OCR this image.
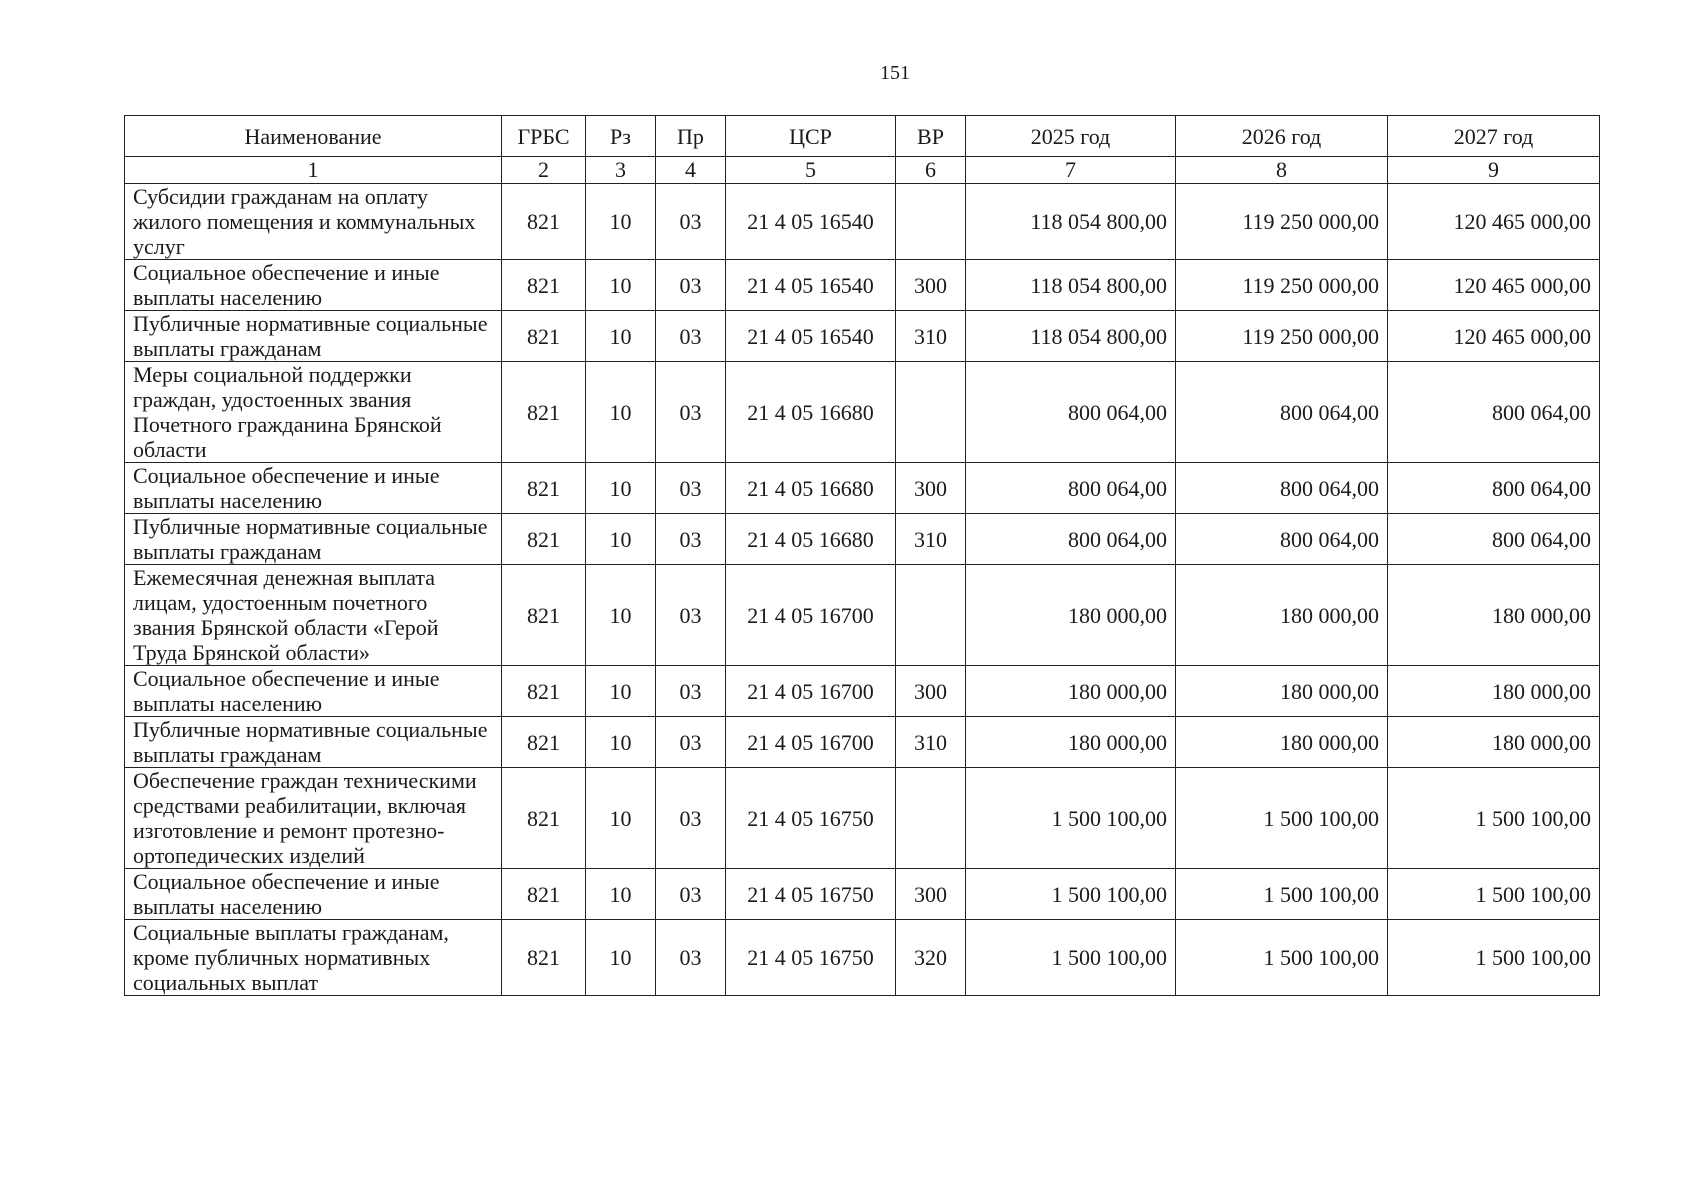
151
Наименование	ГРБС	Рз	Пр	ЦСР	ВР	2025 год	2026 год	2027 год
1	2	3	4	5	6	7	8	9
Субсидии гражданам на оплату жилого помещения и коммунальных услуг	821	10	03	21 4 05 16540		118 054 800,00	119 250 000,00	120 465 000,00
Социальное обеспечение и иные выплаты населению	821	10	03	21 4 05 16540	300	118 054 800,00	119 250 000,00	120 465 000,00
Публичные нормативные социальные выплаты гражданам	821	10	03	21 4 05 16540	310	118 054 800,00	119 250 000,00	120 465 000,00
Меры социальной поддержки граждан, удостоенных звания Почетного гражданина Брянской области	821	10	03	21 4 05 16680		800 064,00	800 064,00	800 064,00
Социальное обеспечение и иные выплаты населению	821	10	03	21 4 05 16680	300	800 064,00	800 064,00	800 064,00
Публичные нормативные социальные выплаты гражданам	821	10	03	21 4 05 16680	310	800 064,00	800 064,00	800 064,00
Ежемесячная денежная выплата лицам, удостоенным почетного звания Брянской области «Герой Труда Брянской области»	821	10	03	21 4 05 16700		180 000,00	180 000,00	180 000,00
Социальное обеспечение и иные выплаты населению	821	10	03	21 4 05 16700	300	180 000,00	180 000,00	180 000,00
Публичные нормативные социальные выплаты гражданам	821	10	03	21 4 05 16700	310	180 000,00	180 000,00	180 000,00
Обеспечение граждан техническими средствами реабилитации, включая изготовление и ремонт протезно-ортопедических изделий	821	10	03	21 4 05 16750		1 500 100,00	1 500 100,00	1 500 100,00
Социальное обеспечение и иные выплаты населению	821	10	03	21 4 05 16750	300	1 500 100,00	1 500 100,00	1 500 100,00
Социальные выплаты гражданам, кроме публичных нормативных социальных выплат	821	10	03	21 4 05 16750	320	1 500 100,00	1 500 100,00	1 500 100,00
